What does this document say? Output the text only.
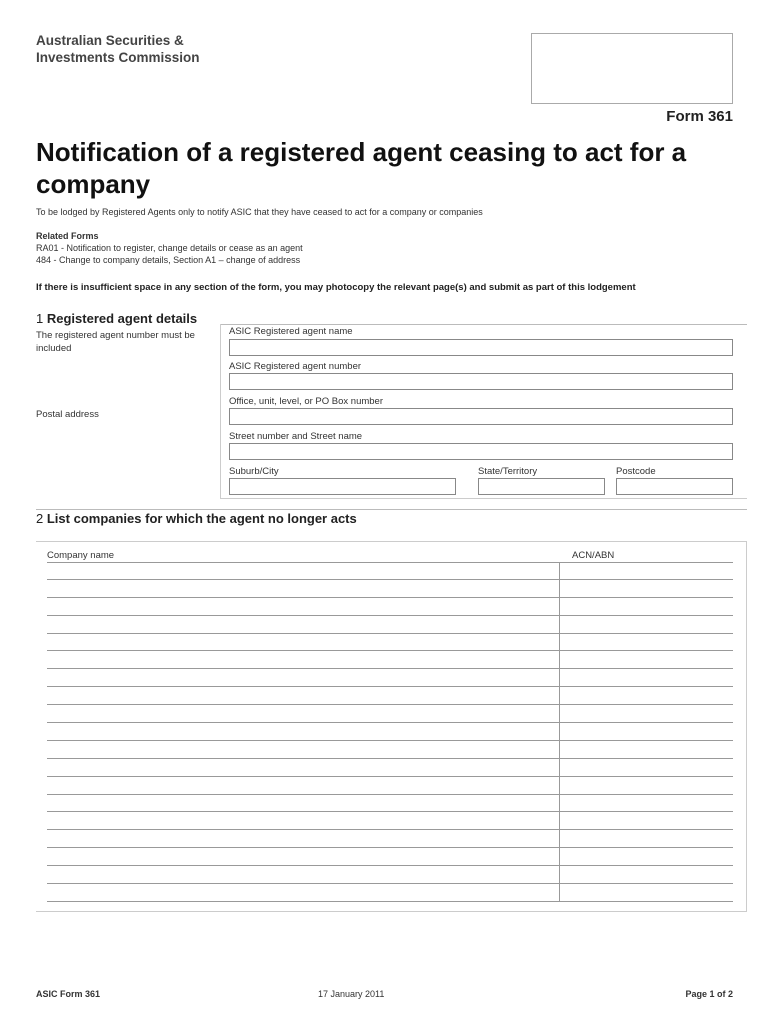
Australian Securities &
Investments Commission
Form 361
Notification of a registered agent ceasing to act for a company
To be lodged by Registered Agents only to notify ASIC that they have ceased to act for a company or companies
Related Forms
RA01 - Notification to register, change details or cease as an agent
484 - Change to company details, Section A1 – change of address
If there is insufficient space in any section of the form, you may photocopy the relevant page(s) and submit as part of this lodgement
1 Registered agent details
The registered agent number must be
included
Postal address
ASIC Registered agent name
ASIC Registered agent number
Office, unit, level, or PO Box number
Street number and Street name
Suburb/City	State/Territory	Postcode
2 List companies for which the agent no longer acts
Company name	ACN/ABN
ASIC Form 361	17 January 2011	Page 1 of 2
